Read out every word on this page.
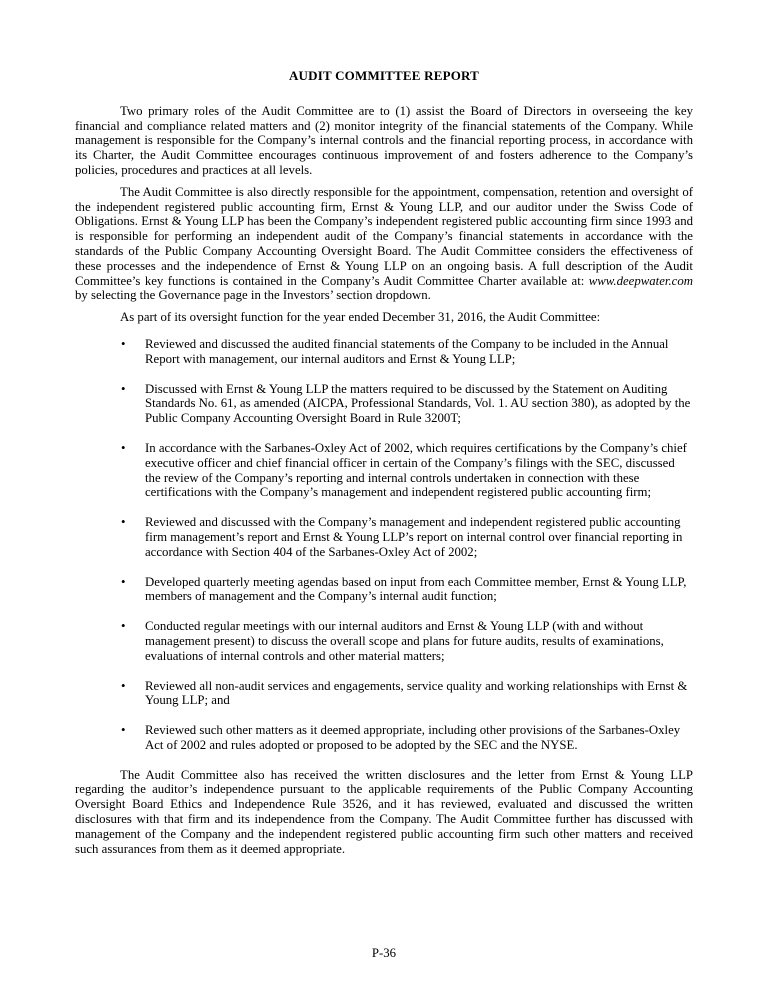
AUDIT COMMITTEE REPORT

Two primary roles of the Audit Committee are to (1) assist the Board of Directors in overseeing the key financial and compliance related matters and (2) monitor integrity of the financial statements of the Company. While management is responsible for the Company’s internal controls and the financial reporting process, in accordance with its Charter, the Audit Committee encourages continuous improvement of and fosters adherence to the Company’s policies, procedures and practices at all levels.

The Audit Committee is also directly responsible for the appointment, compensation, retention and oversight of the independent registered public accounting firm, Ernst & Young LLP, and our auditor under the Swiss Code of Obligations. Ernst & Young LLP has been the Company’s independent registered public accounting firm since 1993 and is responsible for performing an independent audit of the Company’s financial statements in accordance with the standards of the Public Company Accounting Oversight Board. The Audit Committee considers the effectiveness of these processes and the independence of Ernst & Young LLP on an ongoing basis. A full description of the Audit Committee’s key functions is contained in the Company’s Audit Committee Charter available at: www.deepwater.com by selecting the Governance page in the Investors’ section dropdown.

As part of its oversight function for the year ended December 31, 2016, the Audit Committee:

• Reviewed and discussed the audited financial statements of the Company to be included in the Annual Report with management, our internal auditors and Ernst & Young LLP;
• Discussed with Ernst & Young LLP the matters required to be discussed by the Statement on Auditing Standards No. 61, as amended (AICPA, Professional Standards, Vol. 1. AU section 380), as adopted by the Public Company Accounting Oversight Board in Rule 3200T;
• In accordance with the Sarbanes-Oxley Act of 2002, which requires certifications by the Company’s chief executive officer and chief financial officer in certain of the Company’s filings with the SEC, discussed the review of the Company’s reporting and internal controls undertaken in connection with these certifications with the Company’s management and independent registered public accounting firm;
• Reviewed and discussed with the Company’s management and independent registered public accounting firm management’s report and Ernst & Young LLP’s report on internal control over financial reporting in accordance with Section 404 of the Sarbanes-Oxley Act of 2002;
• Developed quarterly meeting agendas based on input from each Committee member, Ernst & Young LLP, members of management and the Company’s internal audit function;
• Conducted regular meetings with our internal auditors and Ernst & Young LLP (with and without management present) to discuss the overall scope and plans for future audits, results of examinations, evaluations of internal controls and other material matters;
• Reviewed all non-audit services and engagements, service quality and working relationships with Ernst & Young LLP; and
• Reviewed such other matters as it deemed appropriate, including other provisions of the Sarbanes-Oxley Act of 2002 and rules adopted or proposed to be adopted by the SEC and the NYSE.

The Audit Committee also has received the written disclosures and the letter from Ernst & Young LLP regarding the auditor’s independence pursuant to the applicable requirements of the Public Company Accounting Oversight Board Ethics and Independence Rule 3526, and it has reviewed, evaluated and discussed the written disclosures with that firm and its independence from the Company. The Audit Committee further has discussed with management of the Company and the independent registered public accounting firm such other matters and received such assurances from them as it deemed appropriate.

P-36
